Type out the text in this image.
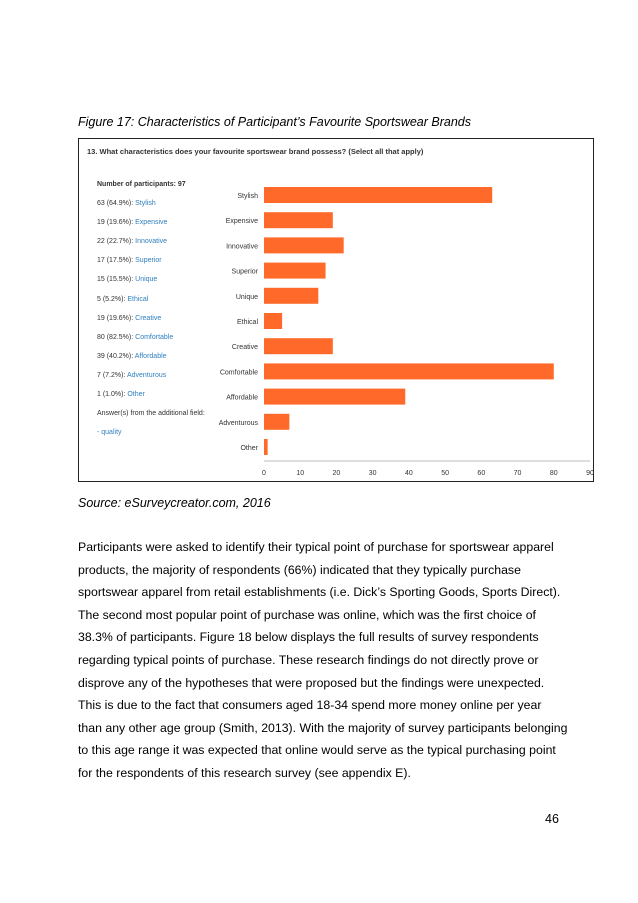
Figure 17: Characteristics of Participant’s Favourite Sportswear Brands
13. What characteristics does your favourite sportswear brand possess? (Select all that apply)
Number of participants: 97
63 (64.9%): Stylish
19 (19.6%): Expensive
22 (22.7%): Innovative
17 (17.5%): Superior
15 (15.5%): Unique
5 (5.2%): Ethical
19 (19.6%): Creative
80 (82.5%): Comfortable
39 (40.2%): Affordable
7 (7.2%): Adventurous
1 (1.0%): Other
Answer(s) from the additional field:
- quality
Stylish
Expensive
Innovative
Superior
Unique
Ethical
Creative
Comfortable
Affordable
Adventurous
Other
0	10	20	30	40	50	60	70	80	90
Source: eSurveycreator.com, 2016

Participants were asked to identify their typical point of purchase for sportswear apparel products, the majority of respondents (66%) indicated that they typically purchase sportswear apparel from retail establishments (i.e. Dick’s Sporting Goods, Sports Direct). The second most popular point of purchase was online, which was the first choice of 38.3% of participants. Figure 18 below displays the full results of survey respondents regarding typical points of purchase. These research findings do not directly prove or disprove any of the hypotheses that were proposed but the findings were unexpected. This is due to the fact that consumers aged 18-34 spend more money online per year than any other age group (Smith, 2013). With the majority of survey participants belonging to this age range it was expected that online would serve as the typical purchasing point for the respondents of this research survey (see appendix E).

46
